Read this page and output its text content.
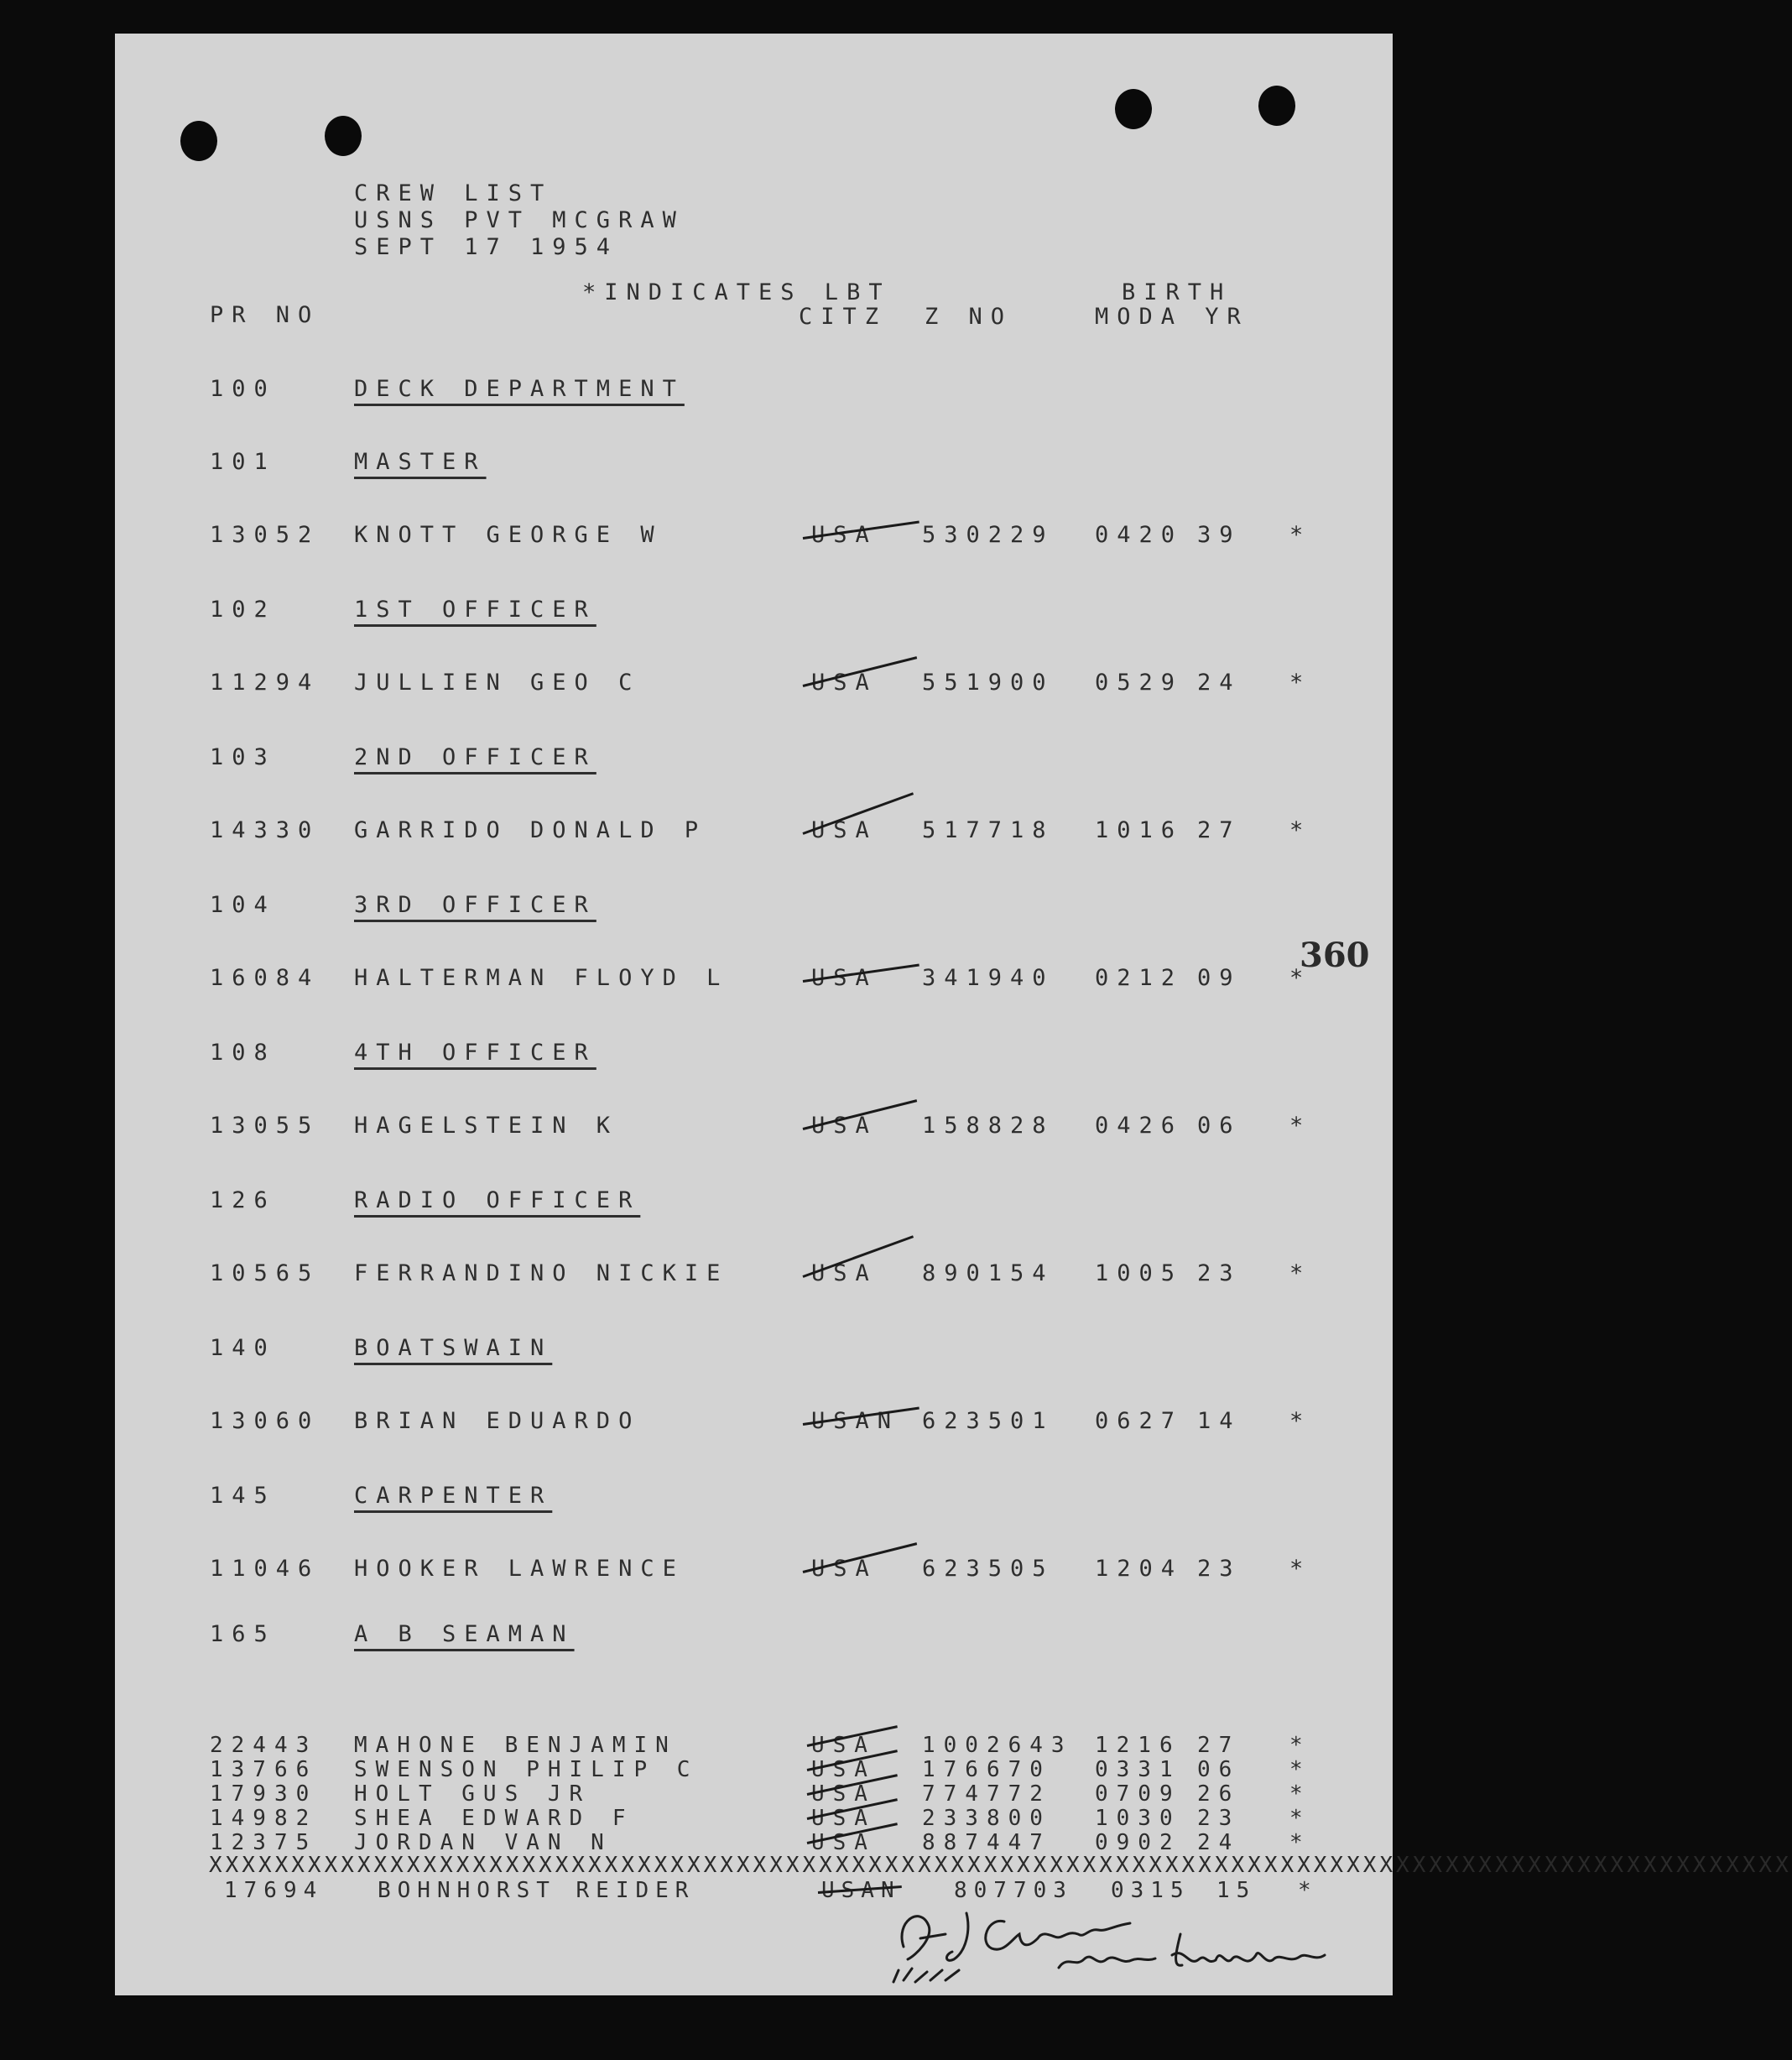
CREW LIST
USNS PVT MCGRAW
SEPT 17 1954
*INDICATES LBT	BIRTH
PR NO	CITZ Z NO	MODA YR
100	DECK DEPARTMENT
101	MASTER
13052 KNOTT GEORGE W	USA 530229 0420 39 *
102	1ST OFFICER
11294 JULLIEN GEO C	USA 551900 0529 24 *
103	2ND OFFICER
14330 GARRIDO DONALD P	USA 517718 1016 27 *
104	3RD OFFICER
16084 HALTERMAN FLOYD L	USA 341940 0212 09 *
108	4TH OFFICER
13055 HAGELSTEIN K	USA 158828 0426 06 *
126	RADIO OFFICER
10565 FERRANDINO NICKIE	USA 890154 1005 23 *
140	BOATSWAIN
13060 BRIAN EDUARDO	USAN 623501 0627 14 *
145	CARPENTER
11046 HOOKER LAWRENCE	USA 623505 1204 23 *
165	A B SEAMAN
22443 MAHONE BENJAMIN	USA 1002643 1216 27 *
13766 SWENSON PHILIP C	USA 176670 0331 06 *
17930 HOLT GUS JR	USA 774772 0709 26 *
14982 SHEA EDWARD F	USA 233800 1030 23 *
12375 JORDAN VAN N	USA 887447 0902 24 *
XXXXXXXXXXXXXXXXXXXXXXXXXXXXXXXXXXXXXXXXXXXXXXXXXXXXXXXXXXXXXXXXXXXXXXXXXXXXXXXXXXXXXXXXXXXXXXXX
17694 BOHNHORST REIDER	USAN 807703 0315 15 *
360
